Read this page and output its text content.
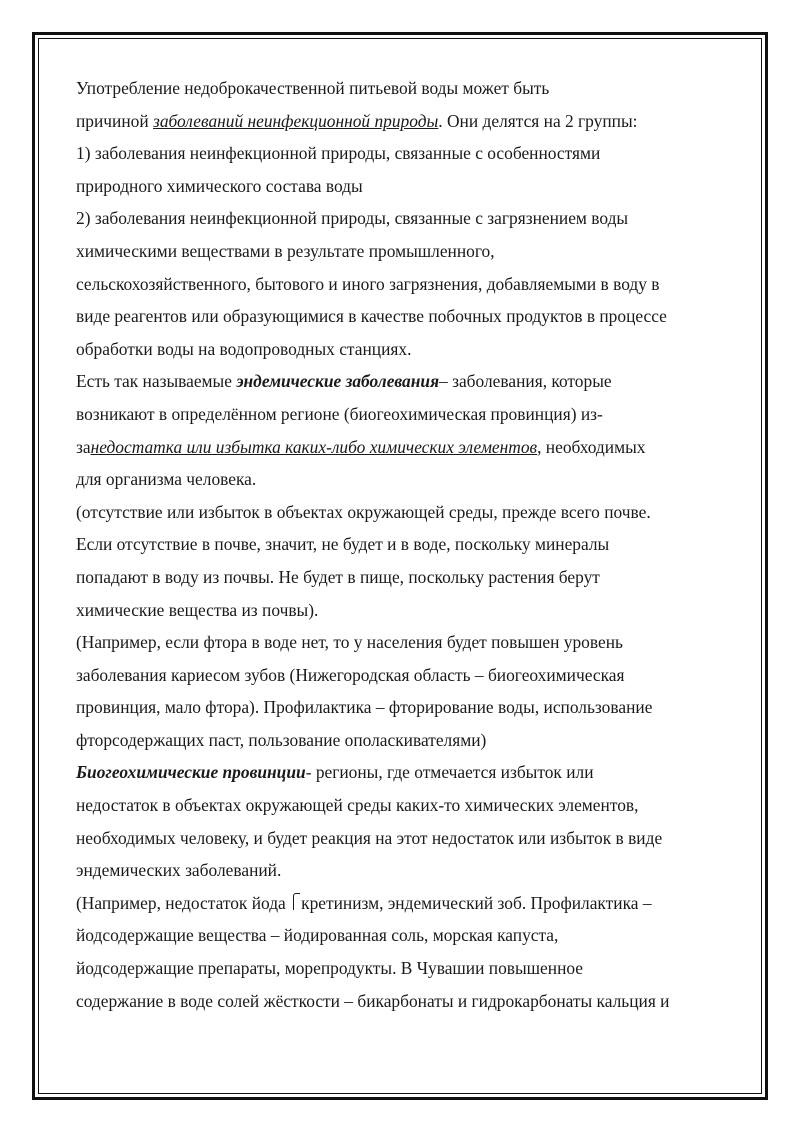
Употребление недоброкачественной питьевой воды может быть
причиной заболеваний неинфекционной природы. Они делятся на 2 группы:
1) заболевания неинфекционной природы, связанные с особенностями
природного химического состава воды
2) заболевания неинфекционной природы, связанные с загрязнением воды
химическими веществами в результате промышленного,
сельскохозяйственного, бытового и иного загрязнения, добавляемыми в воду в
виде реагентов или образующимися в качестве побочных продуктов в процессе
обработки воды на водопроводных станциях.
Есть так называемые эндемические заболевания– заболевания, которые
возникают в определённом регионе (биогеохимическая провинция) из-
занедостатка или избытка каких-либо химических элементов, необходимых
для организма человека.
(отсутствие или избыток в объектах окружающей среды, прежде всего почве.
Если отсутствие в почве, значит, не будет и в воде, поскольку минералы
попадают в воду из почвы. Не будет в пище, поскольку растения берут
химические вещества из почвы).
(Например, если фтора в воде нет, то у населения будет повышен уровень
заболевания кариесом зубов (Нижегородская область – биогеохимическая
провинция, мало фтора). Профилактика – фторирование воды, использование
фторсодержащих паст, пользование ополаскивателями)
Биогеохимические провинции- регионы, где отмечается избыток или
недостаток в объектах окружающей среды каких-то химических элементов,
необходимых человеку, и будет реакция на этот недостаток или избыток в виде
эндемических заболеваний.
(Например, недостаток йода кретинизм, эндемический зоб. Профилактика –
йодсодержащие вещества – йодированная соль, морская капуста,
йодсодержащие препараты, морепродукты. В Чувашии повышенное
содержание в воде солей жёсткости – бикарбонаты и гидрокарбонаты кальция и
